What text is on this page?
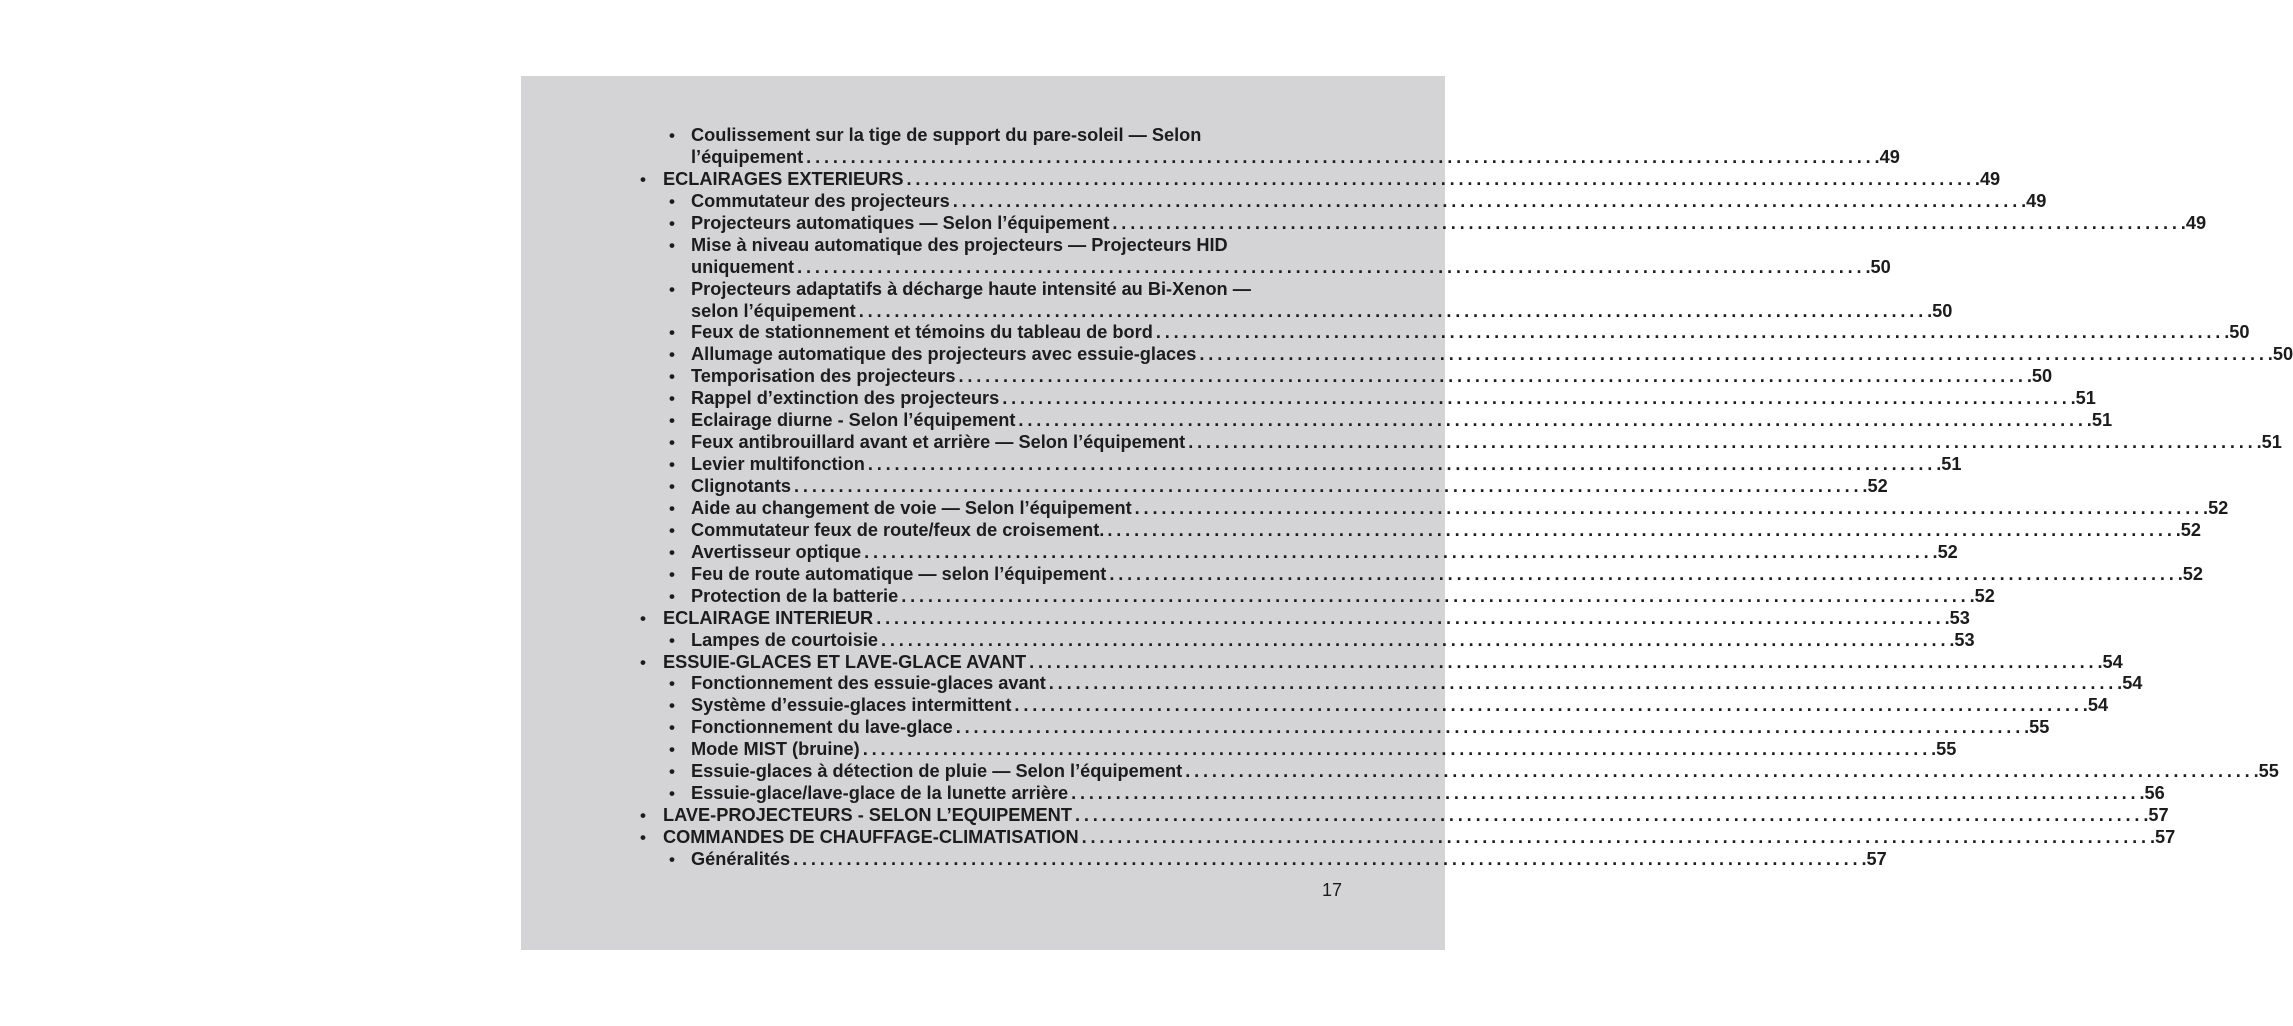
• Coulissement sur la tige de support du pare-soleil — Selon
l’équipement ........................................................................................................................ .49
• ECLAIRAGES EXTERIEURS ........................................................................................................................ .49
• Commutateur des projecteurs ........................................................................................................................ .49
• Projecteurs automatiques — Selon l’équipement ........................................................................................................................ .49
• Mise à niveau automatique des projecteurs — Projecteurs HID
uniquement ........................................................................................................................ .50
• Projecteurs adaptatifs à décharge haute intensité au Bi-Xenon —
selon l’équipement ........................................................................................................................ .50
• Feux de stationnement et témoins du tableau de bord ........................................................................................................................ .50
• Allumage automatique des projecteurs avec essuie-glaces ........................................................................................................................ .50
• Temporisation des projecteurs ........................................................................................................................ .50
• Rappel d’extinction des projecteurs ........................................................................................................................ .51
• Eclairage diurne - Selon l’équipement ........................................................................................................................ .51
• Feux antibrouillard avant et arrière — Selon l’équipement ........................................................................................................................ .51
• Levier multifonction ........................................................................................................................ .51
• Clignotants ........................................................................................................................ .52
• Aide au changement de voie — Selon l’équipement ........................................................................................................................ .52
• Commutateur feux de route/feux de croisement. ........................................................................................................................ .52
• Avertisseur optique ........................................................................................................................ .52
• Feu de route automatique — selon l’équipement ........................................................................................................................ .52
• Protection de la batterie ........................................................................................................................ .52
• ECLAIRAGE INTERIEUR ........................................................................................................................ .53
• Lampes de courtoisie ........................................................................................................................ .53
• ESSUIE-GLACES ET LAVE-GLACE AVANT ........................................................................................................................ .54
• Fonctionnement des essuie-glaces avant ........................................................................................................................ .54
• Système d’essuie-glaces intermittent ........................................................................................................................ .54
• Fonctionnement du lave-glace ........................................................................................................................ .55
• Mode MIST (bruine) ........................................................................................................................ .55
• Essuie-glaces à détection de pluie — Selon l’équipement ........................................................................................................................ .55
• Essuie-glace/lave-glace de la lunette arrière ........................................................................................................................ .56
• LAVE-PROJECTEURS - SELON L’EQUIPEMENT ........................................................................................................................ .57
• COMMANDES DE CHAUFFAGE-CLIMATISATION ........................................................................................................................ .57
• Généralités ........................................................................................................................ .57
17
